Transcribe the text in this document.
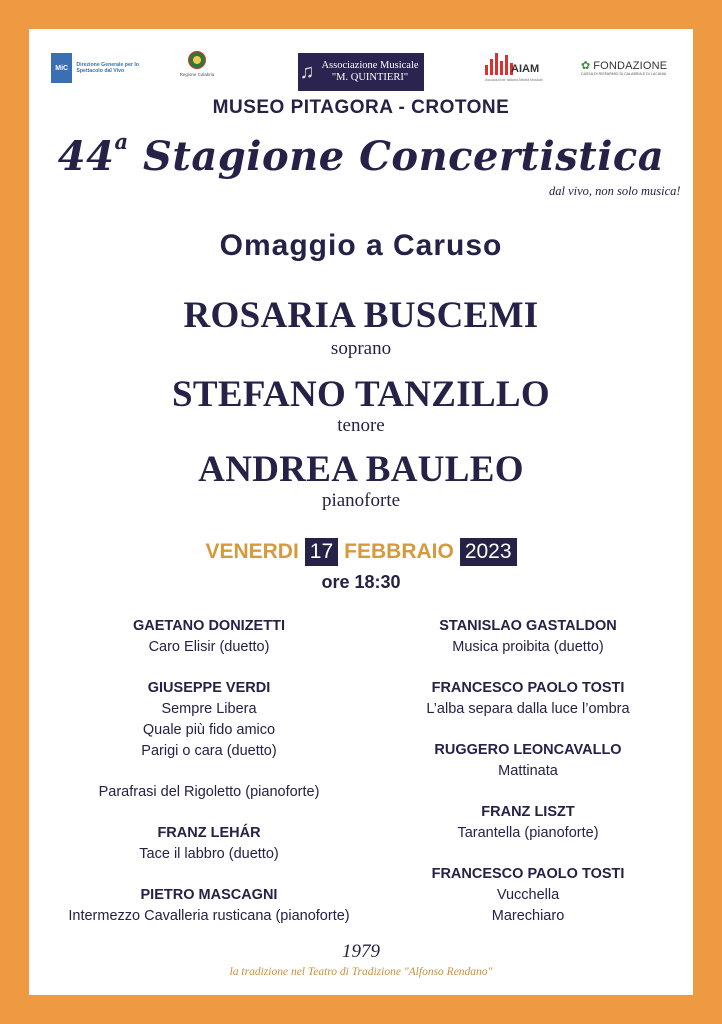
MiC	Direzione Generale per lo Spettacolo dal Vivo
Regione Calabria	♫ Associazione Musicale
"M. QUINTIERI"
AIAM
Associazione Italiana Attività Musicali
✿ FONDAZIONE
CASSA DI RISPARMIO DI CALABRIA E DI LUCANIA
MUSEO PITAGORA - CROTONE
44$^a$ Stagione Concertistica
dal vivo, non solo musica!
Omaggio a Caruso
ROSARIA BUSCEMI
soprano
STEFANO TANZILLO
tenore
ANDREA BAULEO
pianoforte
VENERDI 17 FEBBRAIO 2023
ore 18:30
GAETANO DONIZETTI
Caro Elisir (duetto)
GIUSEPPE VERDI
Sempre Libera
Quale più fido amico
Parigi o cara (duetto)
Parafrasi del Rigoletto (pianoforte)
FRANZ LEHÁR
Tace il labbro (duetto)
PIETRO MASCAGNI
Intermezzo Cavalleria rusticana (pianoforte)
STANISLAO GASTALDON
Musica proibita (duetto)
FRANCESCO PAOLO TOSTI
L’alba separa dalla luce l’ombra
RUGGERO LEONCAVALLO
Mattinata
FRANZ LISZT
Tarantella (pianoforte)
FRANCESCO PAOLO TOSTI
Vucchella
Marechiaro
1979
la tradizione nel Teatro di Tradizione "Alfonso Rendano"
